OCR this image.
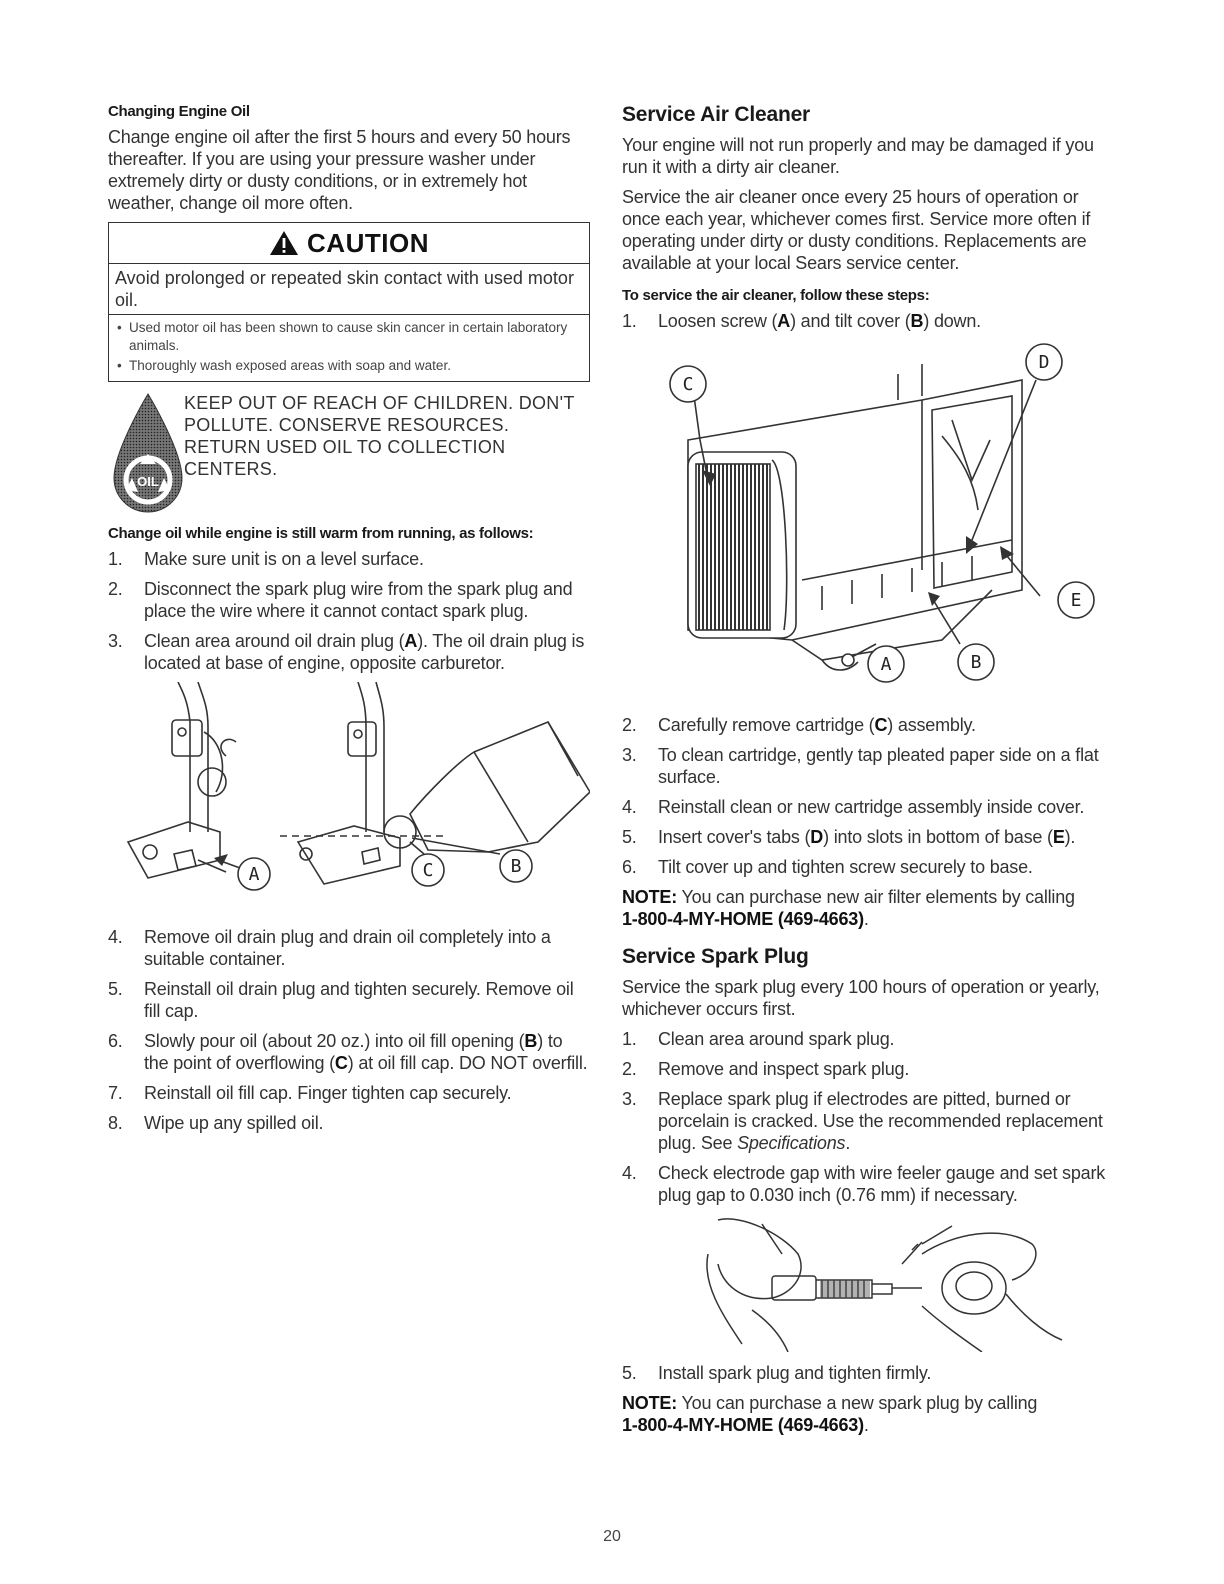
Changing Engine Oil

Change engine oil after the first 5 hours and every 50 hours thereafter. If you are using your pressure washer under extremely dirty or dusty conditions, or in extremely hot weather, change oil more often.

CAUTION
Avoid prolonged or repeated skin contact with used motor oil.
• Used motor oil has been shown to cause skin cancer in certain laboratory animals.
• Thoroughly wash exposed areas with soap and water.
OIL
KEEP OUT OF REACH OF CHILDREN. DON'T POLLUTE. CONSERVE RESOURCES. RETURN USED OIL TO COLLECTION CENTERS.
Change oil while engine is still warm from running, as follows:
1. Make sure unit is on a level surface.
2. Disconnect the spark plug wire from the spark plug and place the wire where it cannot contact spark plug.
3. Clean area around oil drain plug (A). The oil drain plug is located at base of engine, opposite carburetor.
A	C	B
4. Remove oil drain plug and drain oil completely into a suitable container.
5. Reinstall oil drain plug and tighten securely. Remove oil fill cap.
6. Slowly pour oil (about 20 oz.) into oil fill opening (B) to the point of overflowing (C) at oil fill cap. DO NOT overfill.
7. Reinstall oil fill cap. Finger tighten cap securely.
8. Wipe up any spilled oil.
Service Air Cleaner

Your engine will not run properly and may be damaged if you run it with a dirty air cleaner.

Service the air cleaner once every 25 hours of operation or once each year, whichever comes first. Service more often if operating under dirty or dusty conditions. Replacements are available at your local Sears service center.

To service the air cleaner, follow these steps:
1. Loosen screw (A) and tilt cover (B) down.
C
D
E
A	B
2. Carefully remove cartridge (C) assembly.
3. To clean cartridge, gently tap pleated paper side on a flat surface.
4. Reinstall clean or new cartridge assembly inside cover.
5. Insert cover's tabs (D) into slots in bottom of base (E).
6. Tilt cover up and tighten screw securely to base.

NOTE: You can purchase new air filter elements by calling
1-800-4-MY-HOME (469-4663).

Service Spark Plug

Service the spark plug every 100 hours of operation or yearly, whichever occurs first.

1. Clean area around spark plug.
2. Remove and inspect spark plug.
3. Replace spark plug if electrodes are pitted, burned or porcelain is cracked. Use the recommended replacement plug. See Specifications.
4. Check electrode gap with wire feeler gauge and set spark plug gap to 0.030 inch (0.76 mm) if necessary.
5. Install spark plug and tighten firmly.

NOTE: You can purchase a new spark plug by calling
1-800-4-MY-HOME (469-4663).

20
